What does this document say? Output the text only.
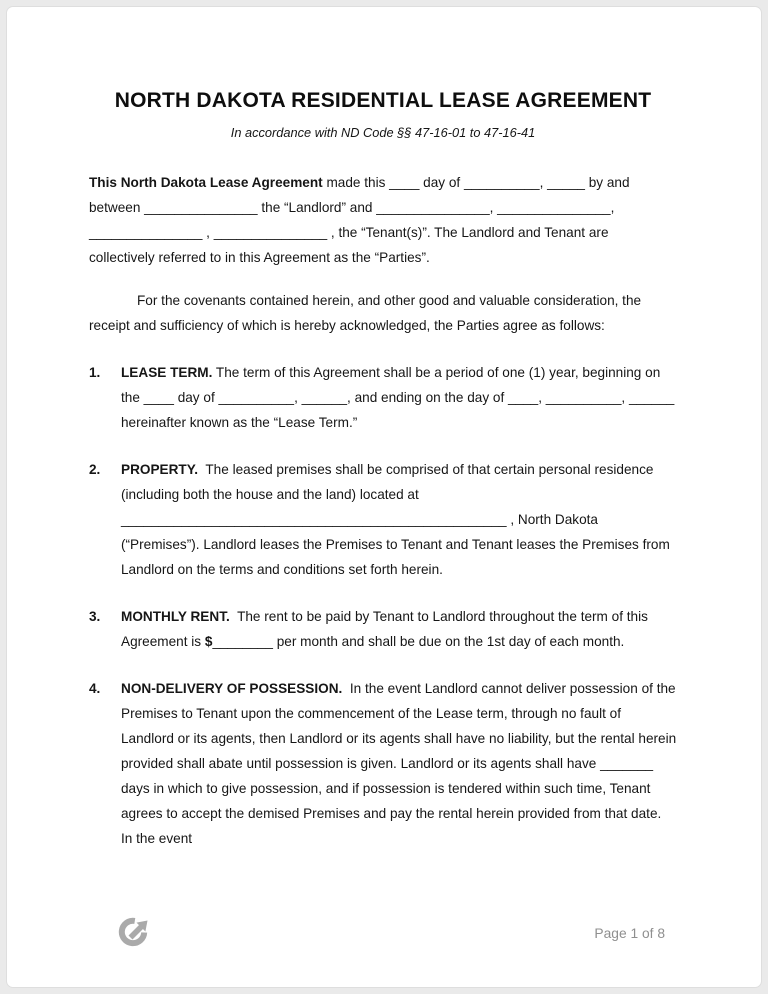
NORTH DAKOTA RESIDENTIAL LEASE AGREEMENT
In accordance with ND Code §§ 47-16-01 to 47-16-41

This North Dakota Lease Agreement made this ____ day of __________, _____ by and between _______________ the “Landlord” and _______________, _______________, _______________ , _______________ , the “Tenant(s)”. The Landlord and Tenant are collectively referred to in this Agreement as the “Parties”.

For the covenants contained herein, and other good and valuable consideration, the receipt and sufficiency of which is hereby acknowledged, the Parties agree as follows:

1. LEASE TERM. The term of this Agreement shall be a period of one (1) year, beginning on the ____ day of __________, ______, and ending on the day of ____, __________, ______ hereinafter known as the “Lease Term.”

2. PROPERTY.  The leased premises shall be comprised of that certain personal residence (including both the house and the land) located at ___________________________________________________ , North Dakota (“Premises”). Landlord leases the Premises to Tenant and Tenant leases the Premises from Landlord on the terms and conditions set forth herein.

3. MONTHLY RENT.  The rent to be paid by Tenant to Landlord throughout the term of this Agreement is $________ per month and shall be due on the 1st day of each month.

4. NON-DELIVERY OF POSSESSION.  In the event Landlord cannot deliver possession of the Premises to Tenant upon the commencement of the Lease term, through no fault of Landlord or its agents, then Landlord or its agents shall have no liability, but the rental herein provided shall abate until possession is given. Landlord or its agents shall have _______ days in which to give possession, and if possession is tendered within such time, Tenant agrees to accept the demised Premises and pay the rental herein provided from that date.  In the event

Page 1 of 8
